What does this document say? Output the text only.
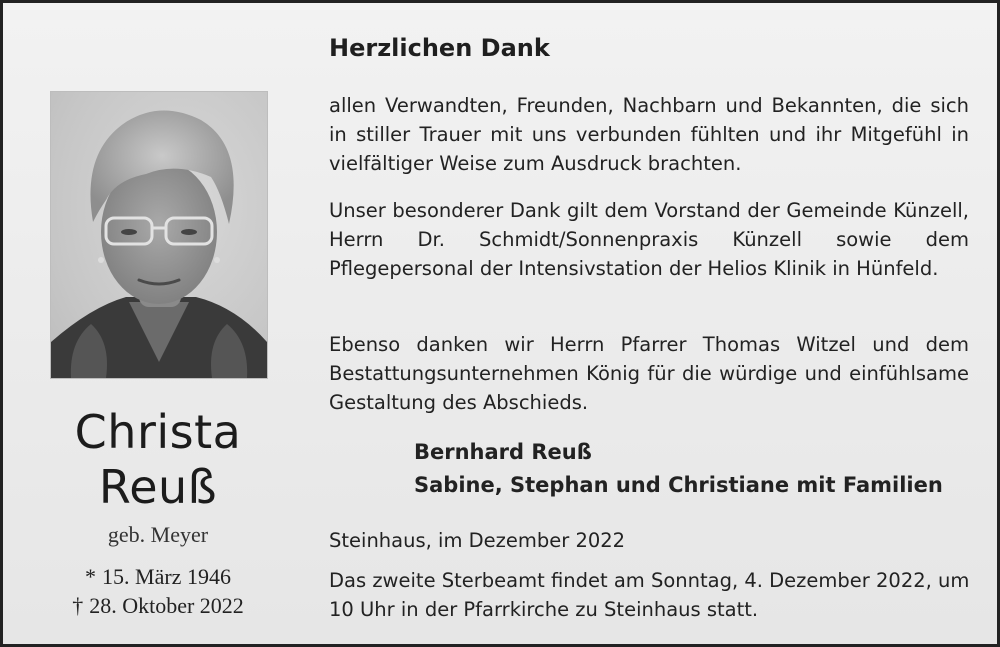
Christa
Reuß
geb. Meyer
* 15. März 1946
† 28. Oktober 2022
Herzlichen Dank
allen Verwandten, Freunden, Nachbarn und Bekannten, die sich in stiller Trauer mit uns verbunden fühlten und ihr Mitgefühl in vielfältiger Weise zum Ausdruck brachten.
Unser besonderer Dank gilt dem Vorstand der Gemeinde Künzell, Herrn Dr. Schmidt/Sonnenpraxis Künzell sowie dem Pflegepersonal der Intensivstation der Helios Klinik in Hünfeld.
Ebenso danken wir Herrn Pfarrer Thomas Witzel und dem Bestattungsunternehmen König für die würdige und einfühlsame Gestaltung des Abschieds.
Bernhard Reuß
Sabine, Stephan und Christiane mit Familien
Steinhaus, im Dezember 2022
Das zweite Sterbeamt findet am Sonntag, 4. Dezember 2022, um 10 Uhr in der Pfarrkirche zu Steinhaus statt.
